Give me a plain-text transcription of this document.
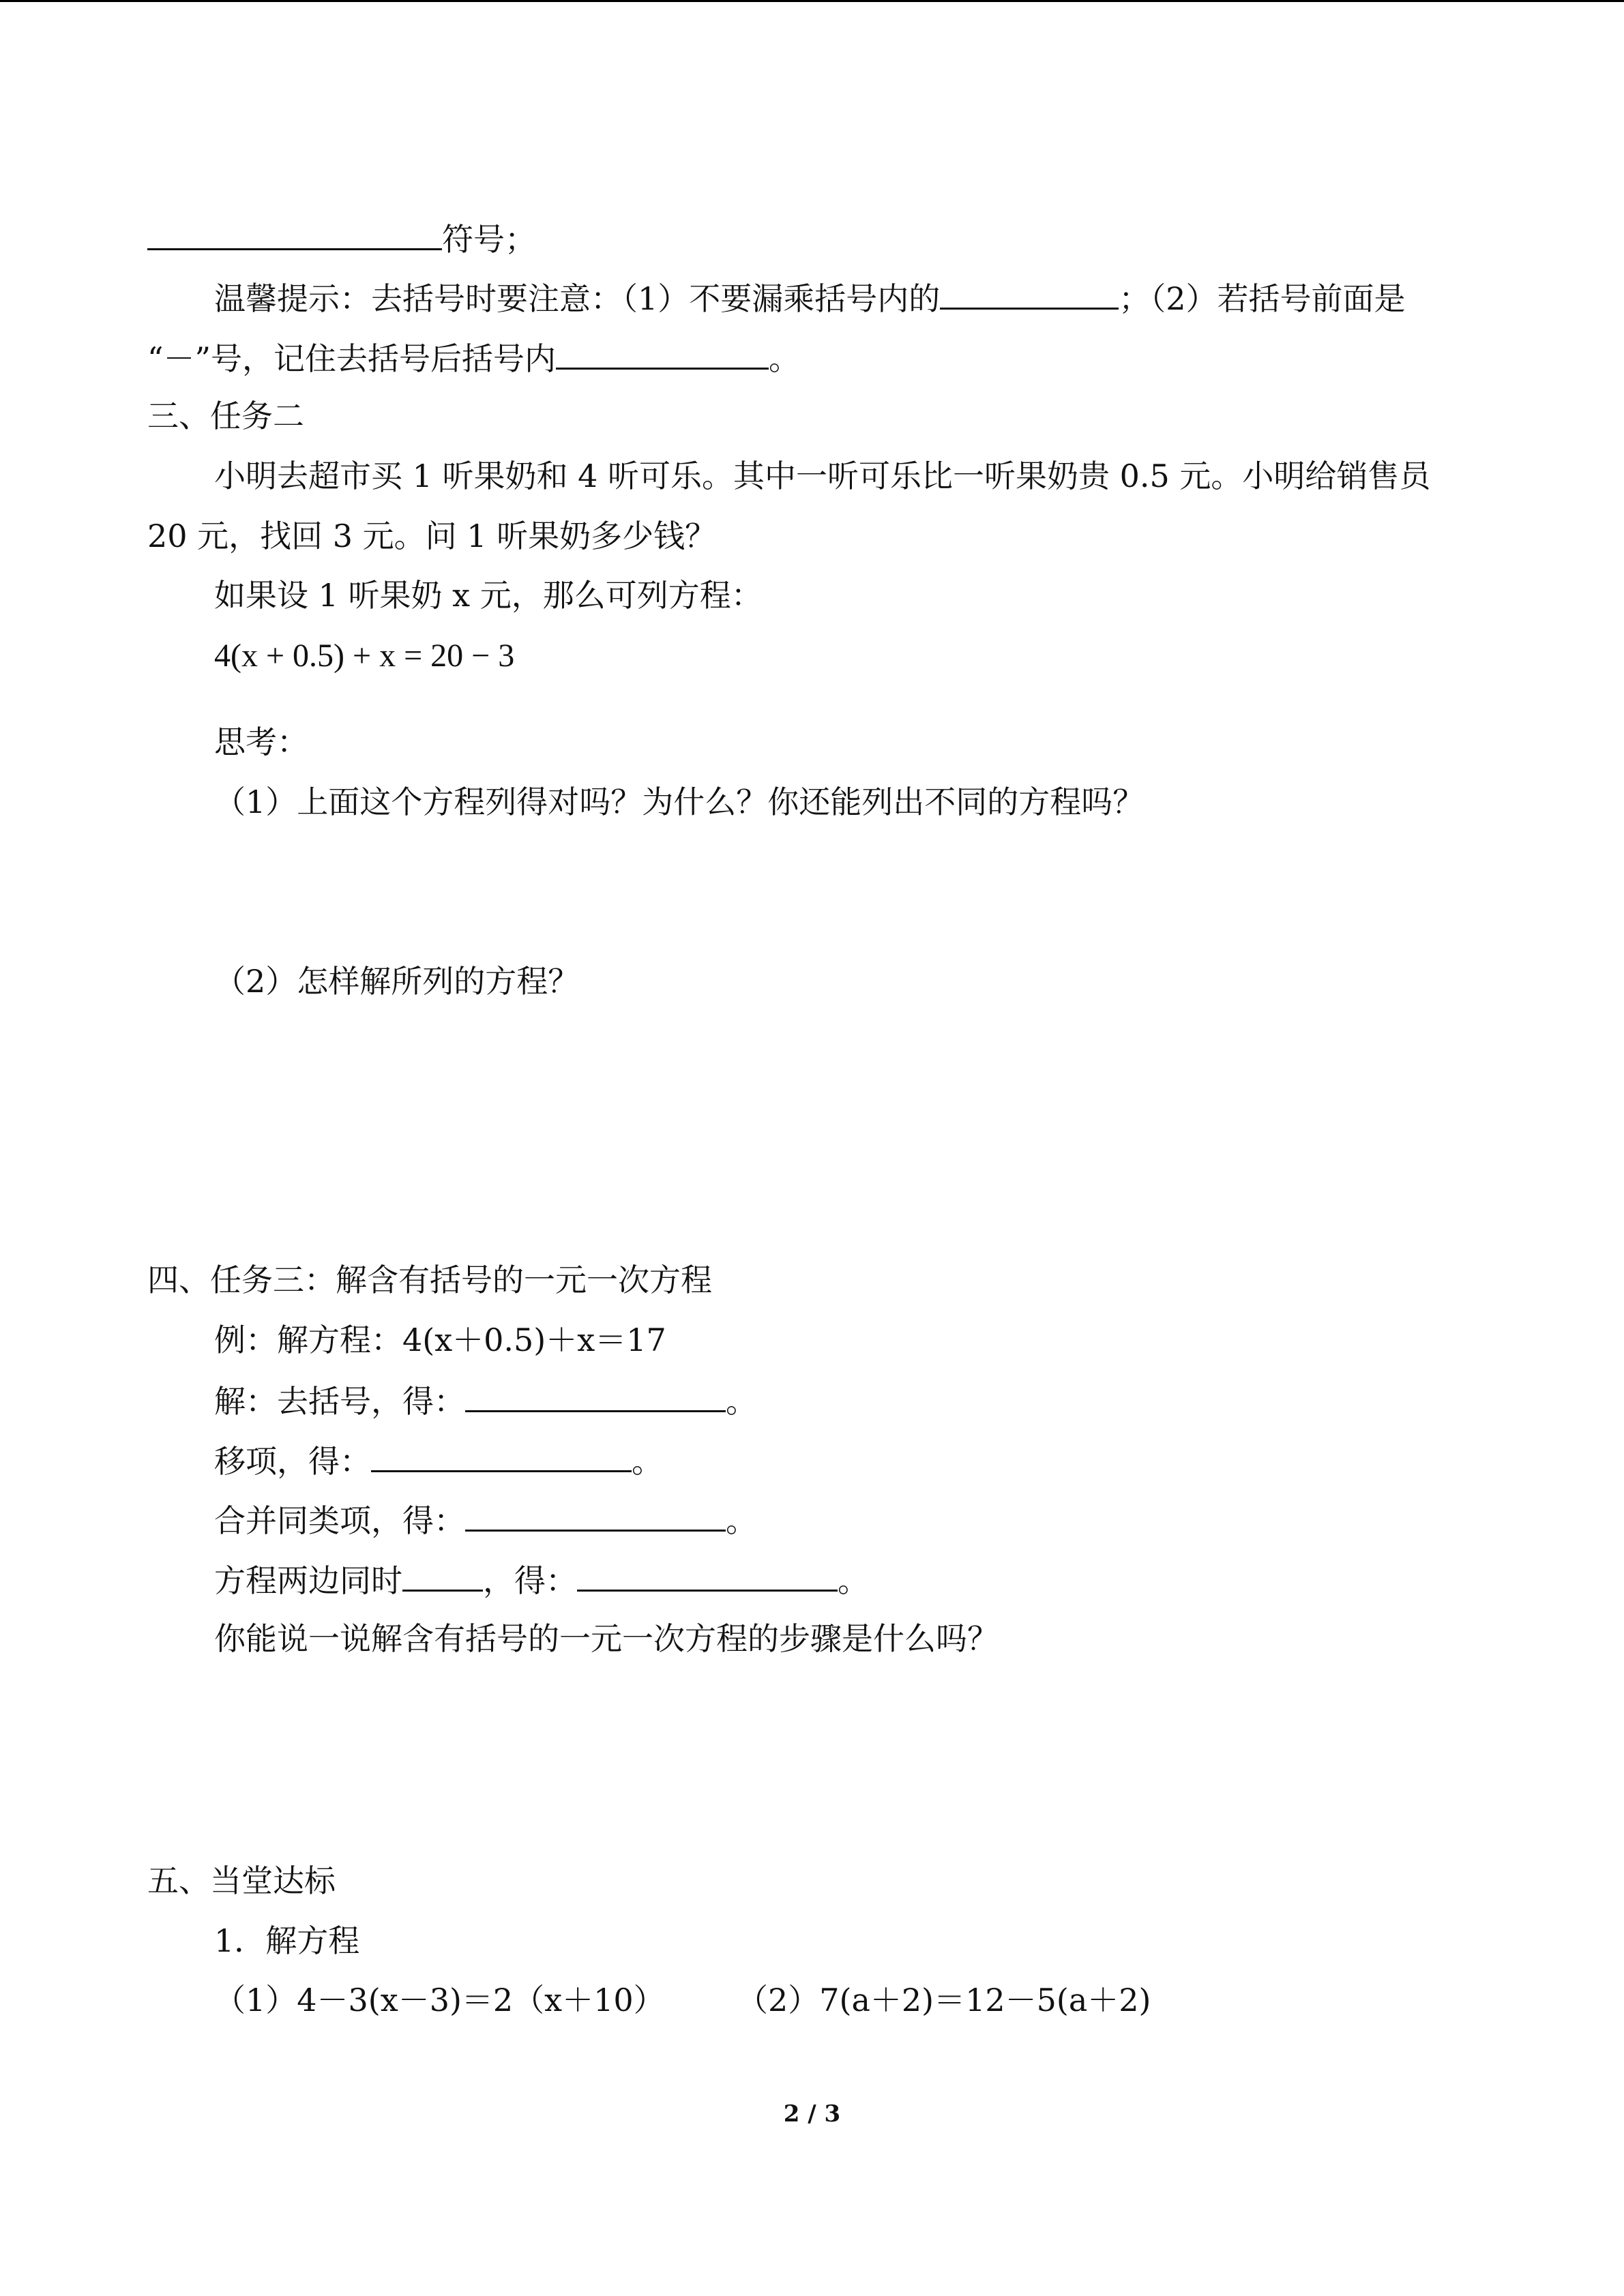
符号；
温馨提示：去括号时要注意：（1）不要漏乘括号内的	；（2）若括号前面是
“－”号，记住去括号后括号内	。
三、任务二
小明去超市买 1 听果奶和 4 听可乐。其中一听可乐比一听果奶贵 0.5 元。小明给销售员
20 元，找回 3 元。问 1 听果奶多少钱？
如果设 1 听果奶 x 元，那么可列方程：
4(x + 0.5) + x = 20 − 3
思考：
（1）上面这个方程列得对吗？为什么？你还能列出不同的方程吗？
（2）怎样解所列的方程？
四、任务三：解含有括号的一元一次方程
例：解方程：4(x＋0.5)＋x＝17
解：去括号，得：	。
移项，得：	。
合并同类项，得：	。
方程两边同时	，得：	。
你能说一说解含有括号的一元一次方程的步骤是什么吗？
五、当堂达标
1．解方程
（1）4－3(x－3)＝2（x＋10） （2）7(a＋2)＝12－5(a＋2)
2 / 3
